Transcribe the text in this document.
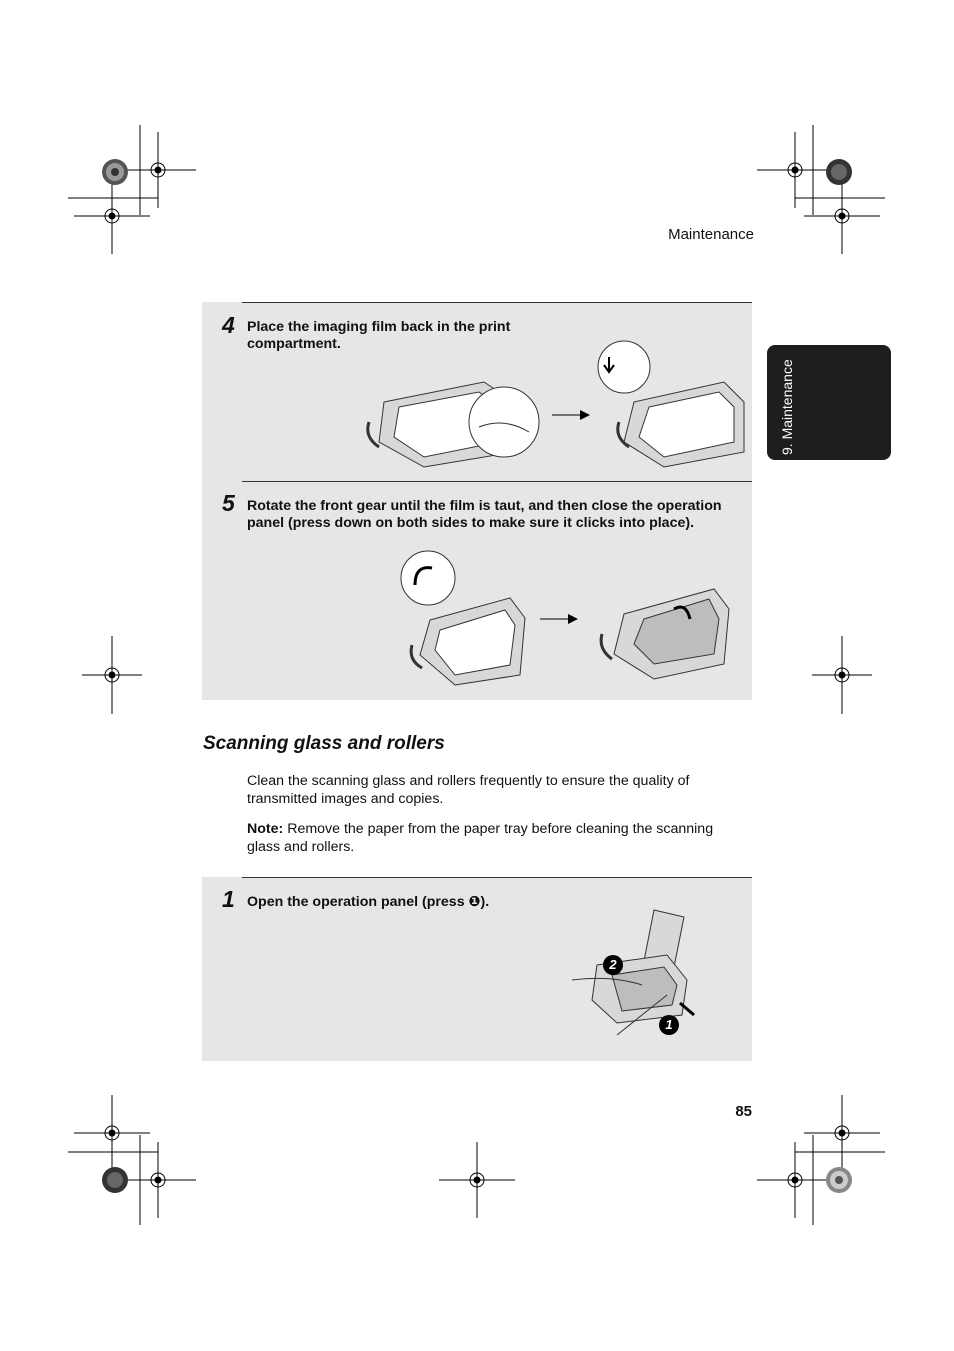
Maintenance
9. Maintenance
4 Place the imaging film back in the print
compartment.
5 Rotate the front gear until the film is taut, and then close the operation
panel (press down on both sides to make sure it clicks into place).
Scanning glass and rollers
Clean the scanning glass and rollers frequently to ensure the quality of
transmitted images and copies.
Note: Remove the paper from the paper tray before cleaning the scanning
glass and rollers.
1 Open the operation panel (press ❶).
2
1
85
